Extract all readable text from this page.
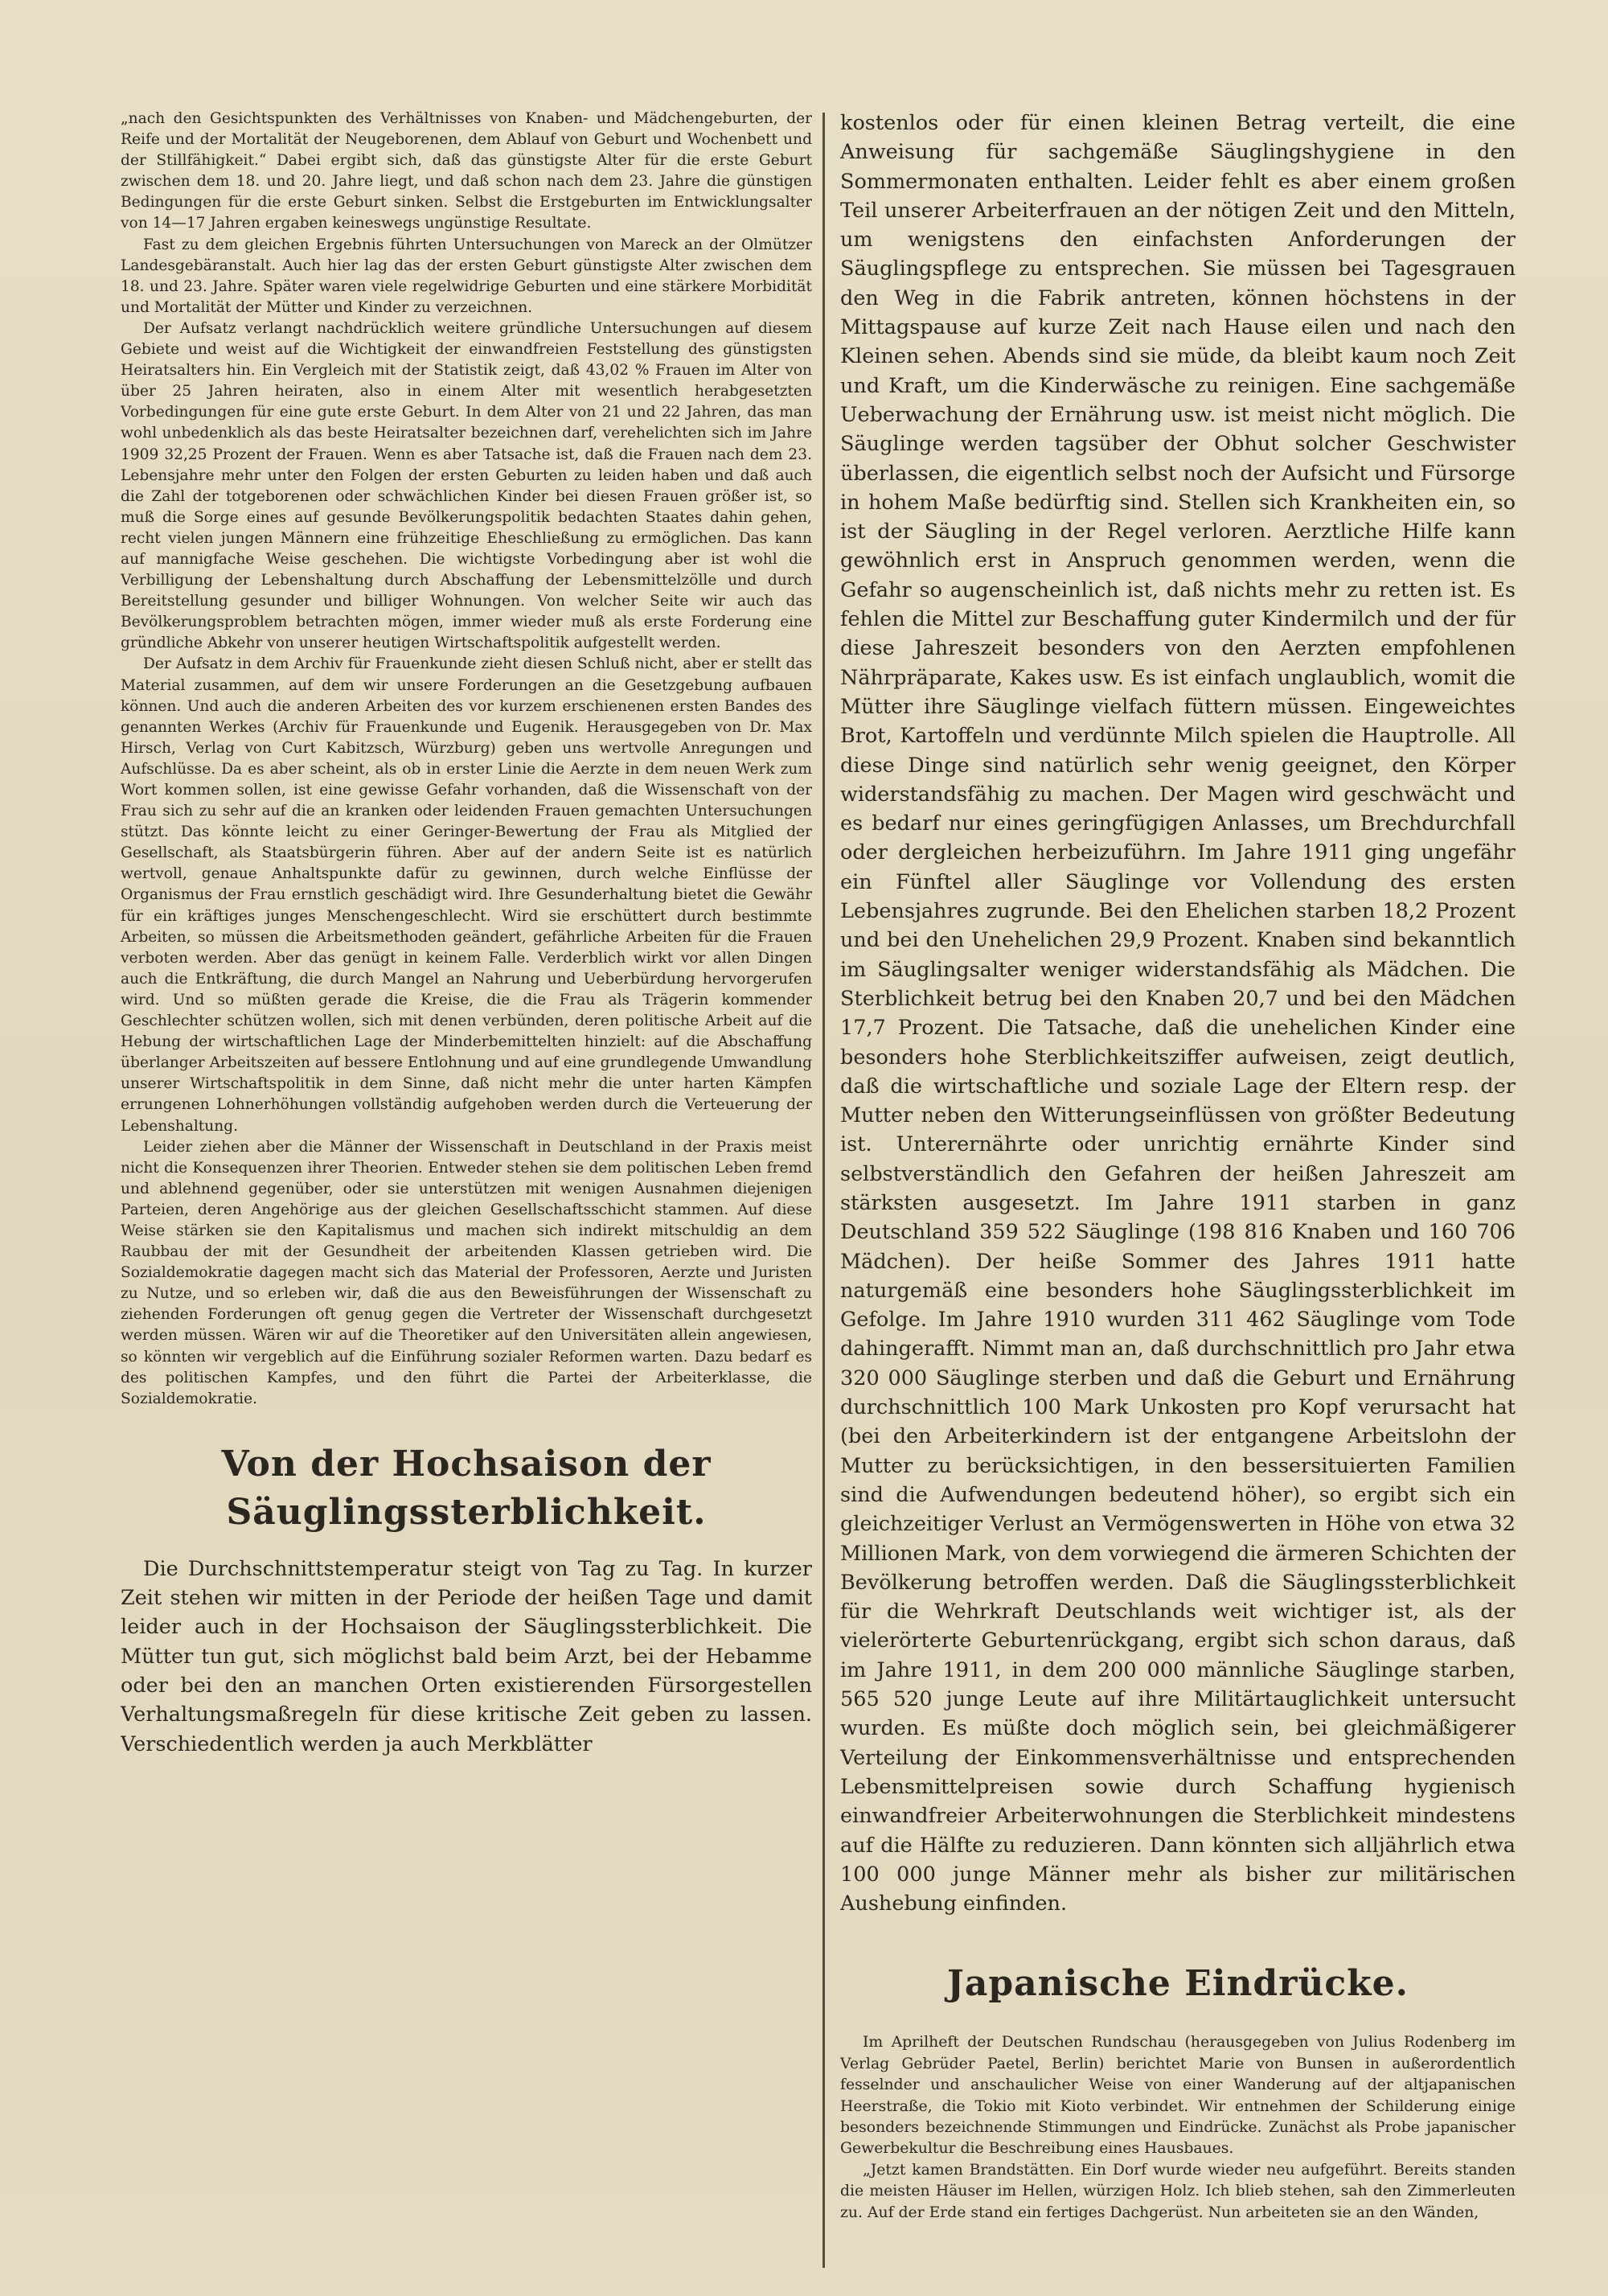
„nach den Gesichtspunkten des Verhältnisses von Knaben- und Mädchengeburten, der Reife und der Mortalität der Neugeborenen, dem Ablauf von Geburt und Wochenbett und der Stillfähigkeit.“ Dabei ergibt sich, daß das günstigste Alter für die erste Geburt zwischen dem 18. und 20. Jahre liegt, und daß schon nach dem 23. Jahre die günstigen Bedingungen für die erste Geburt sinken. Selbst die Erstgeburten im Entwicklungsalter von 14—17 Jahren ergaben keineswegs ungünstige Resultate.

Fast zu dem gleichen Ergebnis führten Untersuchungen von Mareck an der Olmützer Landesgebäranstalt. Auch hier lag das der ersten Geburt günstigste Alter zwischen dem 18. und 23. Jahre. Später waren viele regelwidrige Geburten und eine stärkere Morbidität und Mortalität der Mütter und Kinder zu verzeichnen.

Der Aufsatz verlangt nachdrücklich weitere gründliche Untersuchungen auf diesem Gebiete und weist auf die Wichtigkeit der einwandfreien Feststellung des günstigsten Heiratsalters hin. Ein Vergleich mit der Statistik zeigt, daß 43,02 % Frauen im Alter von über 25 Jahren heiraten, also in einem Alter mit wesentlich herabgesetzten Vorbedingungen für eine gute erste Geburt. In dem Alter von 21 und 22 Jahren, das man wohl unbedenklich als das beste Heiratsalter bezeichnen darf, verehelichten sich im Jahre 1909 32,25 Prozent der Frauen. Wenn es aber Tatsache ist, daß die Frauen nach dem 23. Lebensjahre mehr unter den Folgen der ersten Geburten zu leiden haben und daß auch die Zahl der totgeborenen oder schwächlichen Kinder bei diesen Frauen größer ist, so muß die Sorge eines auf gesunde Bevölkerungspolitik bedachten Staates dahin gehen, recht vielen jungen Männern eine frühzeitige Eheschließung zu ermöglichen. Das kann auf mannigfache Weise geschehen. Die wichtigste Vorbedingung aber ist wohl die Verbilligung der Lebenshaltung durch Abschaffung der Lebensmittelzölle und durch Bereitstellung gesunder und billiger Wohnungen. Von welcher Seite wir auch das Bevölkerungsproblem betrachten mögen, immer wieder muß als erste Forderung eine gründliche Abkehr von unserer heutigen Wirtschaftspolitik aufgestellt werden.

Der Aufsatz in dem Archiv für Frauenkunde zieht diesen Schluß nicht, aber er stellt das Material zusammen, auf dem wir unsere Forderungen an die Gesetzgebung aufbauen können. Und auch die anderen Arbeiten des vor kurzem erschienenen ersten Bandes des genannten Werkes (Archiv für Frauenkunde und Eugenik. Herausgegeben von Dr. Max Hirsch, Verlag von Curt Kabitzsch, Würzburg) geben uns wertvolle Anregungen und Aufschlüsse. Da es aber scheint, als ob in erster Linie die Aerzte in dem neuen Werk zum Wort kommen sollen, ist eine gewisse Gefahr vorhanden, daß die Wissenschaft von der Frau sich zu sehr auf die an kranken oder leidenden Frauen gemachten Untersuchungen stützt. Das könnte leicht zu einer Geringer-Bewertung der Frau als Mitglied der Gesellschaft, als Staatsbürgerin führen. Aber auf der andern Seite ist es natürlich wertvoll, genaue Anhaltspunkte dafür zu gewinnen, durch welche Einflüsse der Organismus der Frau ernstlich geschädigt wird. Ihre Gesunderhaltung bietet die Gewähr für ein kräftiges junges Menschengeschlecht. Wird sie erschüttert durch bestimmte Arbeiten, so müssen die Arbeitsmethoden geändert, gefährliche Arbeiten für die Frauen verboten werden. Aber das genügt in keinem Falle. Verderblich wirkt vor allen Dingen auch die Entkräftung, die durch Mangel an Nahrung und Ueberbürdung hervorgerufen wird. Und so müßten gerade die Kreise, die die Frau als Trägerin kommender Geschlechter schützen wollen, sich mit denen verbünden, deren politische Arbeit auf die Hebung der wirtschaftlichen Lage der Minderbemittelten hinzielt: auf die Abschaffung überlanger Arbeitszeiten auf bessere Entlohnung und auf eine grundlegende Umwandlung unserer Wirtschaftspolitik in dem Sinne, daß nicht mehr die unter harten Kämpfen errungenen Lohnerhöhungen vollständig aufgehoben werden durch die Verteuerung der Lebenshaltung.

Leider ziehen aber die Männer der Wissenschaft in Deutschland in der Praxis meist nicht die Konsequenzen ihrer Theorien. Entweder stehen sie dem politischen Leben fremd und ablehnend gegenüber, oder sie unterstützen mit wenigen Ausnahmen diejenigen Parteien, deren Angehörige aus der gleichen Gesellschaftsschicht stammen. Auf diese Weise stärken sie den Kapitalismus und machen sich indirekt mitschuldig an dem Raubbau der mit der Gesundheit der arbeitenden Klassen getrieben wird. Die Sozialdemokratie dagegen macht sich das Material der Professoren, Aerzte und Juristen zu Nutze, und so erleben wir, daß die aus den Beweisführungen der Wissenschaft zu ziehenden Forderungen oft genug gegen die Vertreter der Wissenschaft durchgesetzt werden müssen. Wären wir auf die Theoretiker auf den Universitäten allein angewiesen, so könnten wir vergeblich auf die Einführung sozialer Reformen warten. Dazu bedarf es des politischen Kampfes, und den führt die Partei der Arbeiterklasse, die Sozialdemokratie.

Von der Hochsaison der Säuglingssterblichkeit.

Die Durchschnittstemperatur steigt von Tag zu Tag. In kurzer Zeit stehen wir mitten in der Periode der heißen Tage und damit leider auch in der Hochsaison der Säuglingssterblichkeit. Die Mütter tun gut, sich möglichst bald beim Arzt, bei der Hebamme oder bei den an manchen Orten existierenden Fürsorgestellen Verhaltungsmaßregeln für diese kritische Zeit geben zu lassen. Verschiedentlich werden ja auch Merkblätter

kostenlos oder für einen kleinen Betrag verteilt, die eine Anweisung für sachgemäße Säuglingshygiene in den Sommermonaten enthalten. Leider fehlt es aber einem großen Teil unserer Arbeiterfrauen an der nötigen Zeit und den Mitteln, um wenigstens den einfachsten Anforderungen der Säuglingspflege zu entsprechen. Sie müssen bei Tagesgrauen den Weg in die Fabrik antreten, können höchstens in der Mittagspause auf kurze Zeit nach Hause eilen und nach den Kleinen sehen. Abends sind sie müde, da bleibt kaum noch Zeit und Kraft, um die Kinderwäsche zu reinigen. Eine sachgemäße Ueberwachung der Ernährung usw. ist meist nicht möglich. Die Säuglinge werden tagsüber der Obhut solcher Geschwister überlassen, die eigentlich selbst noch der Aufsicht und Fürsorge in hohem Maße bedürftig sind. Stellen sich Krankheiten ein, so ist der Säugling in der Regel verloren. Aerztliche Hilfe kann gewöhnlich erst in Anspruch genommen werden, wenn die Gefahr so augenscheinlich ist, daß nichts mehr zu retten ist. Es fehlen die Mittel zur Beschaffung guter Kindermilch und der für diese Jahreszeit besonders von den Aerzten empfohlenen Nährpräparate, Kakes usw. Es ist einfach unglaublich, womit die Mütter ihre Säuglinge vielfach füttern müssen. Eingeweichtes Brot, Kartoffeln und verdünnte Milch spielen die Hauptrolle. All diese Dinge sind natürlich sehr wenig geeignet, den Körper widerstandsfähig zu machen. Der Magen wird geschwächt und es bedarf nur eines geringfügigen Anlasses, um Brechdurchfall oder dergleichen herbeizuführn. Im Jahre 1911 ging ungefähr ein Fünftel aller Säuglinge vor Vollendung des ersten Lebensjahres zugrunde. Bei den Ehelichen starben 18,2 Prozent und bei den Unehelichen 29,9 Prozent. Knaben sind bekanntlich im Säuglingsalter weniger widerstandsfähig als Mädchen. Die Sterblichkeit betrug bei den Knaben 20,7 und bei den Mädchen 17,7 Prozent. Die Tatsache, daß die unehelichen Kinder eine besonders hohe Sterblichkeitsziffer aufweisen, zeigt deutlich, daß die wirtschaftliche und soziale Lage der Eltern resp. der Mutter neben den Witterungseinflüssen von größter Bedeutung ist. Unterernährte oder unrichtig ernährte Kinder sind selbstverständlich den Gefahren der heißen Jahreszeit am stärksten ausgesetzt. Im Jahre 1911 starben in ganz Deutschland 359 522 Säuglinge (198 816 Knaben und 160 706 Mädchen). Der heiße Sommer des Jahres 1911 hatte naturgemäß eine besonders hohe Säuglingssterblichkeit im Gefolge. Im Jahre 1910 wurden 311 462 Säuglinge vom Tode dahingerafft. Nimmt man an, daß durchschnittlich pro Jahr etwa 320 000 Säuglinge sterben und daß die Geburt und Ernährung durchschnittlich 100 Mark Unkosten pro Kopf verursacht hat (bei den Arbeiterkindern ist der entgangene Arbeitslohn der Mutter zu berücksichtigen, in den bessersituierten Familien sind die Aufwendungen bedeutend höher), so ergibt sich ein gleichzeitiger Verlust an Vermögenswerten in Höhe von etwa 32 Millionen Mark, von dem vorwiegend die ärmeren Schichten der Bevölkerung betroffen werden. Daß die Säuglingssterblichkeit für die Wehrkraft Deutschlands weit wichtiger ist, als der vielerörterte Geburtenrückgang, ergibt sich schon daraus, daß im Jahre 1911, in dem 200 000 männliche Säuglinge starben, 565 520 junge Leute auf ihre Militärtauglichkeit untersucht wurden. Es müßte doch möglich sein, bei gleichmäßigerer Verteilung der Einkommensverhältnisse und entsprechenden Lebensmittelpreisen sowie durch Schaffung hygienisch einwandfreier Arbeiterwohnungen die Sterblichkeit mindestens auf die Hälfte zu reduzieren. Dann könnten sich alljährlich etwa 100 000 junge Männer mehr als bisher zur militärischen Aushebung einfinden.

Japanische Eindrücke.

Im Aprilheft der Deutschen Rundschau (herausgegeben von Julius Rodenberg im Verlag Gebrüder Paetel, Berlin) berichtet Marie von Bunsen in außerordentlich fesselnder und anschaulicher Weise von einer Wanderung auf der altjapanischen Heerstraße, die Tokio mit Kioto verbindet. Wir entnehmen der Schilderung einige besonders bezeichnende Stimmungen und Eindrücke. Zunächst als Probe japanischer Gewerbekultur die Beschreibung eines Hausbaues.

„Jetzt kamen Brandstätten. Ein Dorf wurde wieder neu aufgeführt. Bereits standen die meisten Häuser im Hellen, würzigen Holz. Ich blieb stehen, sah den Zimmerleuten zu. Auf der Erde stand ein fertiges Dachgerüst. Nun arbeiteten sie an den Wänden,
